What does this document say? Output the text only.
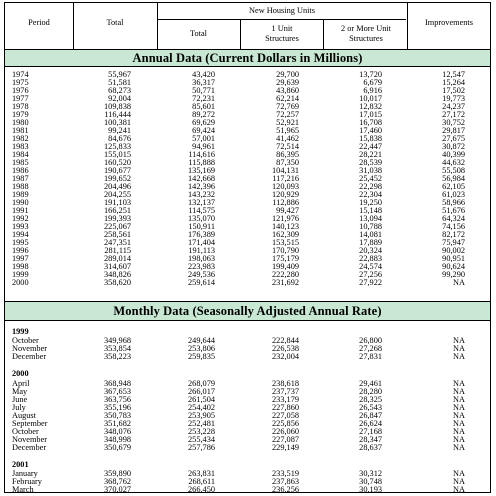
Period	Total
New Housing Units
Total
1 Unit Structures
2 or More Unit Structures
Improvements
Annual Data (Current Dollars in Millions)
1974
1975
1976
1977
1978
1979
1980
1981
1982
1983
1984
1985
1986
1987
1988
1989
1990
1991
1992
1993
1994
1995
1996
1997
1998
1999
2000
55,967
51,581
68,273
92,004
109,838
116,444
100,381
99,241
84,676
125,833
155,015
160,520
190,677
199,652
204,496
204,255
191,103
166,251
199,393
225,067
258,561
247,351
281,115
289,014
314,607
348,826
358,620
43,420
36,317
50,771
72,231
85,601
89,272
69,629
69,424
57,001
94,961
114,616
115,888
135,169
142,668
142,396
143,232
132,137
114,575
135,070
150,911
176,389
171,404
191,113
198,063
223,983
249,536
259,614
29,700
29,639
43,860
62,214
72,769
72,257
52,921
51,965
41,462
72,514
86,395
87,350
104,131
117,216
120,093
120,929
112,886
99,427
121,976
140,123
162,309
153,515
170,790
175,179
199,409
222,280
231,692
13,720
6,679
6,916
10,017
12,832
17,015
16,708
17,460
15,838
22,447
28,221
28,539
31,038
25,452
22,298
22,304
19,250
15,148
13,094
10,788
14,081
17,889
20,324
22,883
24,574
27,256
27,922
12,547
15,264
17,502
19,773
24,237
27,172
30,752
29,817
27,675
30,872
40,399
44,632
55,508
56,984
62,105
61,023
58,966
51,676
64,324
74,156
82,172
75,947
90,002
90,951
90,624
99,290
NA
Monthly Data (Seasonally Adjusted Annual Rate)
1999
October
November
December
349,968
353,854
358,223
249,644
253,806
259,835
222,844
226,538
232,004
26,800
27,268
27,831
NA
NA
NA
2000
April
May
June
July
August
September
October
November
December
368,948
367,653
363,756
355,196
350,783
351,682
348,076
348,998
350,679
268,079
266,017
261,504
254,402
253,905
252,481
253,228
255,434
257,786
238,618
237,737
233,179
227,860
227,058
225,856
226,060
227,087
229,149
29,461
28,280
28,325
26,543
26,847
26,624
27,168
28,347
28,637
NA
NA
NA
NA
NA
NA
NA
NA
NA
2001
January
February
March
359,890
368,762
370,027
263,831
268,611
266,450
233,519
237,863
236,256
30,312
30,748
30,193
NA
NA
NA
